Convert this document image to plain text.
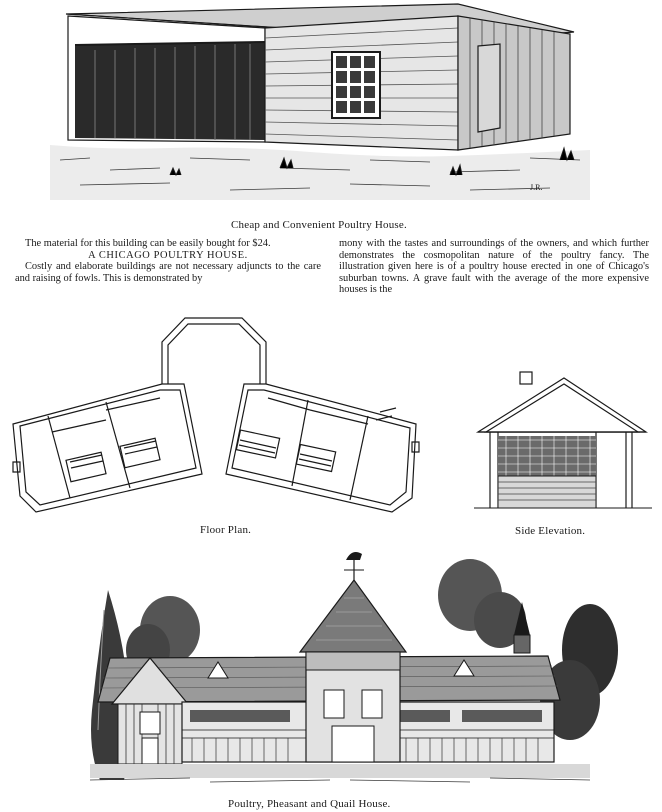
J.R.
Cheap and Convenient Poultry House.

The material for this building can be easily bought for $24.

A CHICAGO POULTRY HOUSE.

Costly and elaborate buildings are not necessary adjuncts to the care and raising of fowls. This is demonstrated by

mony with the tastes and surroundings of the owners, and which further demonstrates the cosmopolitan nature of the poultry fancy. The illustration given here is of a poultry house erected in one of Chicago's suburban towns. A grave fault with the average of the more expensive houses is the

Floor Plan.	Side Elevation.
Poultry, Pheasant and Quail House.
